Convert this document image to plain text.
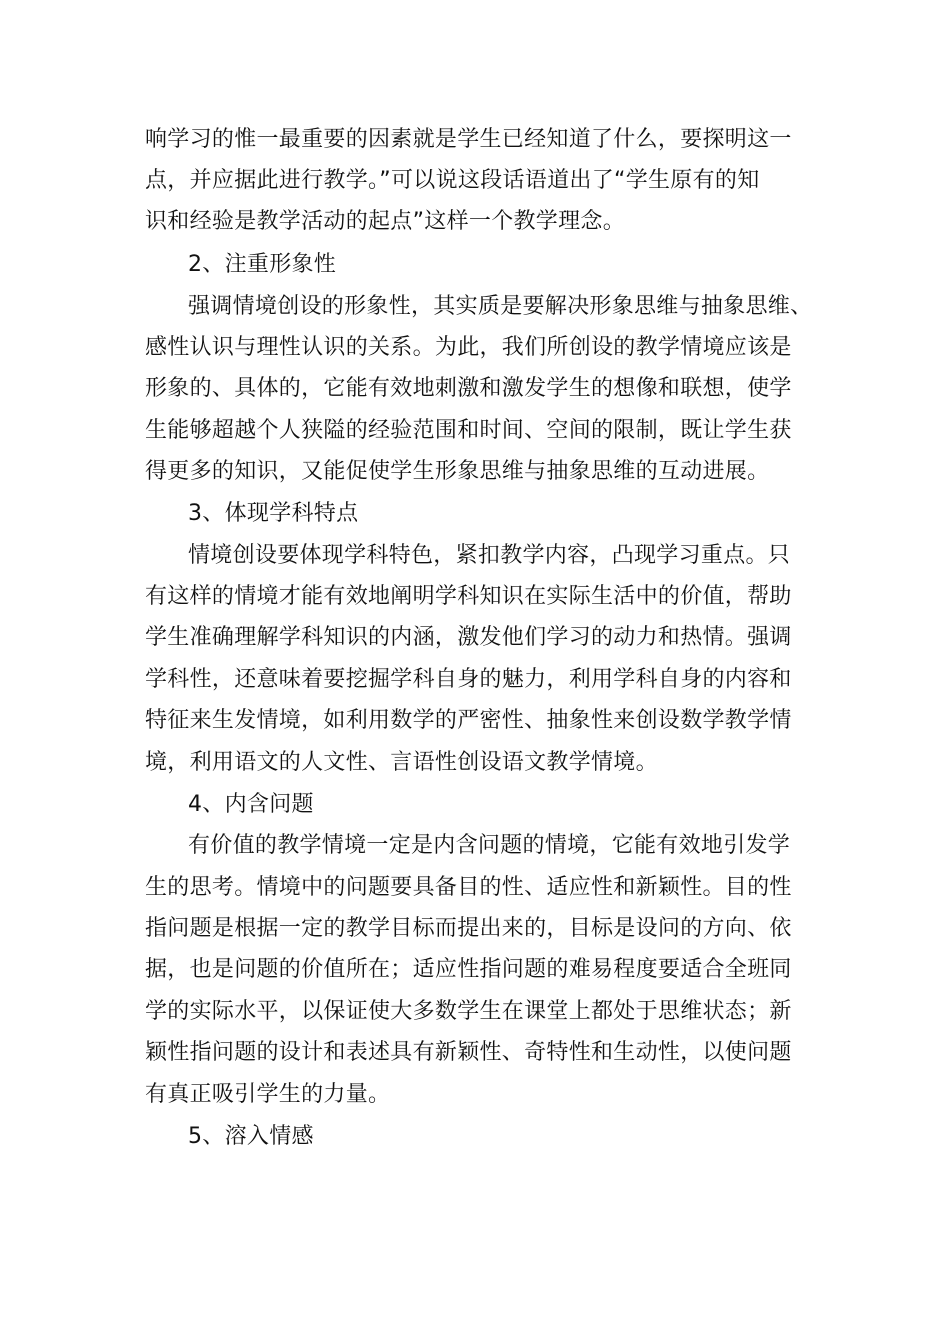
响学习的惟一最重要的因素就是学生已经知道了什么，要探明这一
点，并应据此进行教学。”可以说这段话语道出了“学生原有的知
识和经验是教学活动的起点”这样一个教学理念。
2、注重形象性
强调情境创设的形象性，其实质是要解决形象思维与抽象思维、
感性认识与理性认识的关系。为此，我们所创设的教学情境应该是
形象的、具体的，它能有效地刺激和激发学生的想像和联想，使学
生能够超越个人狭隘的经验范围和时间、空间的限制，既让学生获
得更多的知识，又能促使学生形象思维与抽象思维的互动进展。
3、体现学科特点
情境创设要体现学科特色，紧扣教学内容，凸现学习重点。只
有这样的情境才能有效地阐明学科知识在实际生活中的价值，帮助
学生准确理解学科知识的内涵，激发他们学习的动力和热情。强调
学科性，还意味着要挖掘学科自身的魅力，利用学科自身的内容和
特征来生发情境，如利用数学的严密性、抽象性来创设数学教学情
境，利用语文的人文性、言语性创设语文教学情境。
4、内含问题
有价值的教学情境一定是内含问题的情境，它能有效地引发学
生的思考。情境中的问题要具备目的性、适应性和新颖性。目的性
指问题是根据一定的教学目标而提出来的，目标是设问的方向、依
据，也是问题的价值所在；适应性指问题的难易程度要适合全班同
学的实际水平，以保证使大多数学生在课堂上都处于思维状态；新
颖性指问题的设计和表述具有新颖性、奇特性和生动性，以使问题
有真正吸引学生的力量。
5、溶入情感
